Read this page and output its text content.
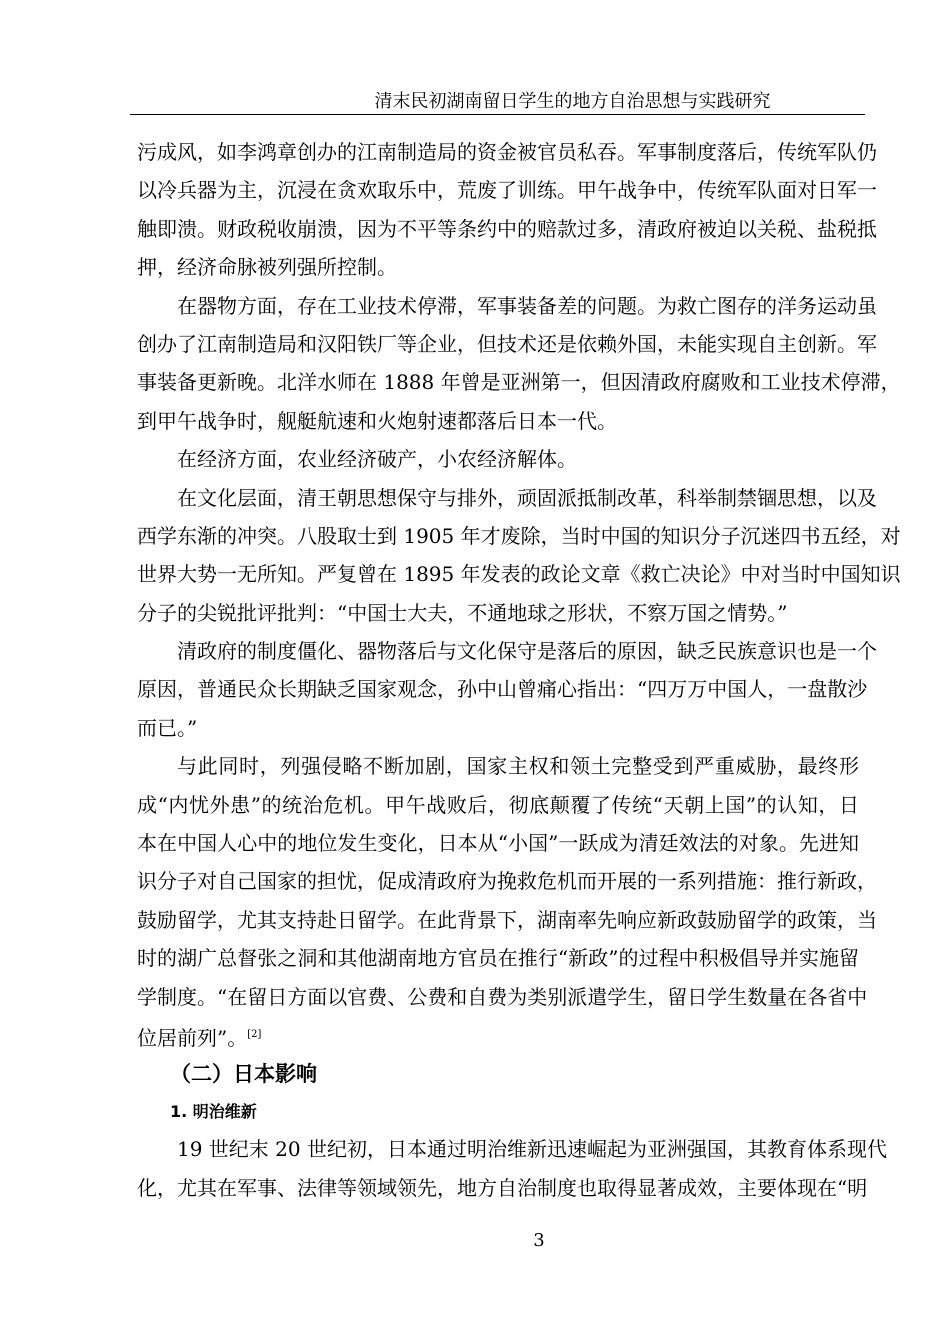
清末民初湖南留日学生的地方自治思想与实践研究
污成风，如李鸿章创办的江南制造局的资金被官员私吞。军事制度落后，传统军队仍
以冷兵器为主，沉浸在贪欢取乐中，荒废了训练。甲午战争中，传统军队面对日军一
触即溃。财政税收崩溃，因为不平等条约中的赔款过多，清政府被迫以关税、盐税抵
押，经济命脉被列强所控制。
在器物方面，存在工业技术停滞，军事装备差的问题。为救亡图存的洋务运动虽
创办了江南制造局和汉阳铁厂等企业，但技术还是依赖外国，未能实现自主创新。军
事装备更新晚。北洋水师在 1888 年曾是亚洲第一，但因清政府腐败和工业技术停滞，
到甲午战争时，舰艇航速和火炮射速都落后日本一代。
在经济方面，农业经济破产，小农经济解体。
在文化层面，清王朝思想保守与排外，顽固派抵制改革，科举制禁锢思想，以及
西学东渐的冲突。八股取士到 1905 年才废除，当时中国的知识分子沉迷四书五经，对
世界大势一无所知。严复曾在 1895 年发表的政论文章《救亡决论》中对当时中国知识
分子的尖锐批评批判：“中国士大夫，不通地球之形状，不察万国之情势。”
清政府的制度僵化、器物落后与文化保守是落后的原因，缺乏民族意识也是一个
原因，普通民众长期缺乏国家观念，孙中山曾痛心指出：“四万万中国人，一盘散沙
而已。”
与此同时，列强侵略不断加剧，国家主权和领土完整受到严重威胁，最终形
成“内忧外患”的统治危机。甲午战败后，彻底颠覆了传统“天朝上国”的认知，日
本在中国人心中的地位发生变化，日本从“小国”一跃成为清廷效法的对象。先进知
识分子对自己国家的担忧，促成清政府为挽救危机而开展的一系列措施：推行新政，
鼓励留学，尤其支持赴日留学。在此背景下，湖南率先响应新政鼓励留学的政策，当
时的湖广总督张之洞和其他湖南地方官员在推行“新政”的过程中积极倡导并实施留
学制度。“在留日方面以官费、公费和自费为类别派遣学生，留日学生数量在各省中
位居前列”。[2]
（二）日本影响
1. 明治维新
19 世纪末 20 世纪初，日本通过明治维新迅速崛起为亚洲强国，其教育体系现代
化，尤其在军事、法律等领域领先，地方自治制度也取得显著成效，主要体现在“明
3
